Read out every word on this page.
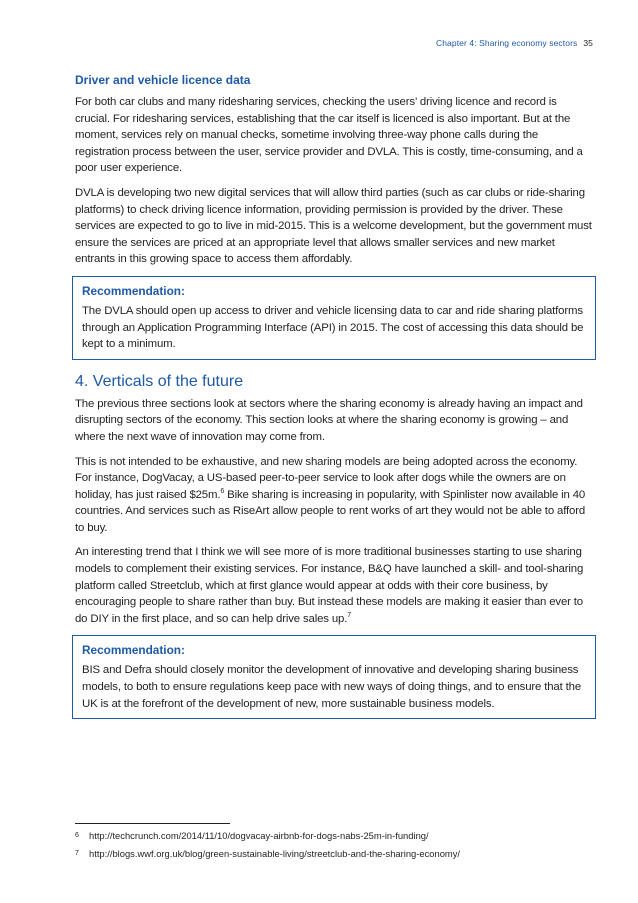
Chapter 4: Sharing economy sectors 35
Driver and vehicle licence data

For both car clubs and many ridesharing services, checking the users’ driving licence and record is crucial. For ridesharing services, establishing that the car itself is licenced is also important. But at the moment, services rely on manual checks, sometime involving three-way phone calls during the registration process between the user, service provider and DVLA. This is costly, time-consuming, and a poor user experience.

DVLA is developing two new digital services that will allow third parties (such as car clubs or ride-sharing platforms) to check driving licence information, providing permission is provided by the driver. These services are expected to go to live in mid-2015. This is a welcome development, but the government must ensure the services are priced at an appropriate level that allows smaller services and new market entrants in this growing space to access them affordably.

Recommendation:

The DVLA should open up access to driver and vehicle licensing data to car and ride sharing platforms through an Application Programming Interface (API) in 2015. The cost of accessing this data should be kept to a minimum.

4. Verticals of the future

The previous three sections look at sectors where the sharing economy is already having an impact and disrupting sectors of the economy. This section looks at where the sharing economy is growing – and where the next wave of innovation may come from.

This is not intended to be exhaustive, and new sharing models are being adopted across the economy. For instance, DogVacay, a US-based peer-to-peer service to look after dogs while the owners are on holiday, has just raised $25m.$^6$ Bike sharing is increasing in popularity, with Spinlister now available in 40 countries. And services such as RiseArt allow people to rent works of art they would not be able to afford to buy.

An interesting trend that I think we will see more of is more traditional businesses starting to use sharing models to complement their existing services. For instance, B&Q have launched a skill- and tool-sharing platform called Streetclub, which at first glance would appear at odds with their core business, by encouraging people to share rather than buy. But instead these models are making it easier than ever to do DIY in the first place, and so can help drive sales up.$^7$

Recommendation:

BIS and Defra should closely monitor the development of innovative and developing sharing business models, to both to ensure regulations keep pace with new ways of doing things, and to ensure that the UK is at the forefront of the development of new, more sustainable business models.

6	http://techcrunch.com/2014/11/10/dogvacay-airbnb-for-dogs-nabs-25m-in-funding/
7	http://blogs.wwf.org.uk/blog/green-sustainable-living/streetclub-and-the-sharing-economy/
